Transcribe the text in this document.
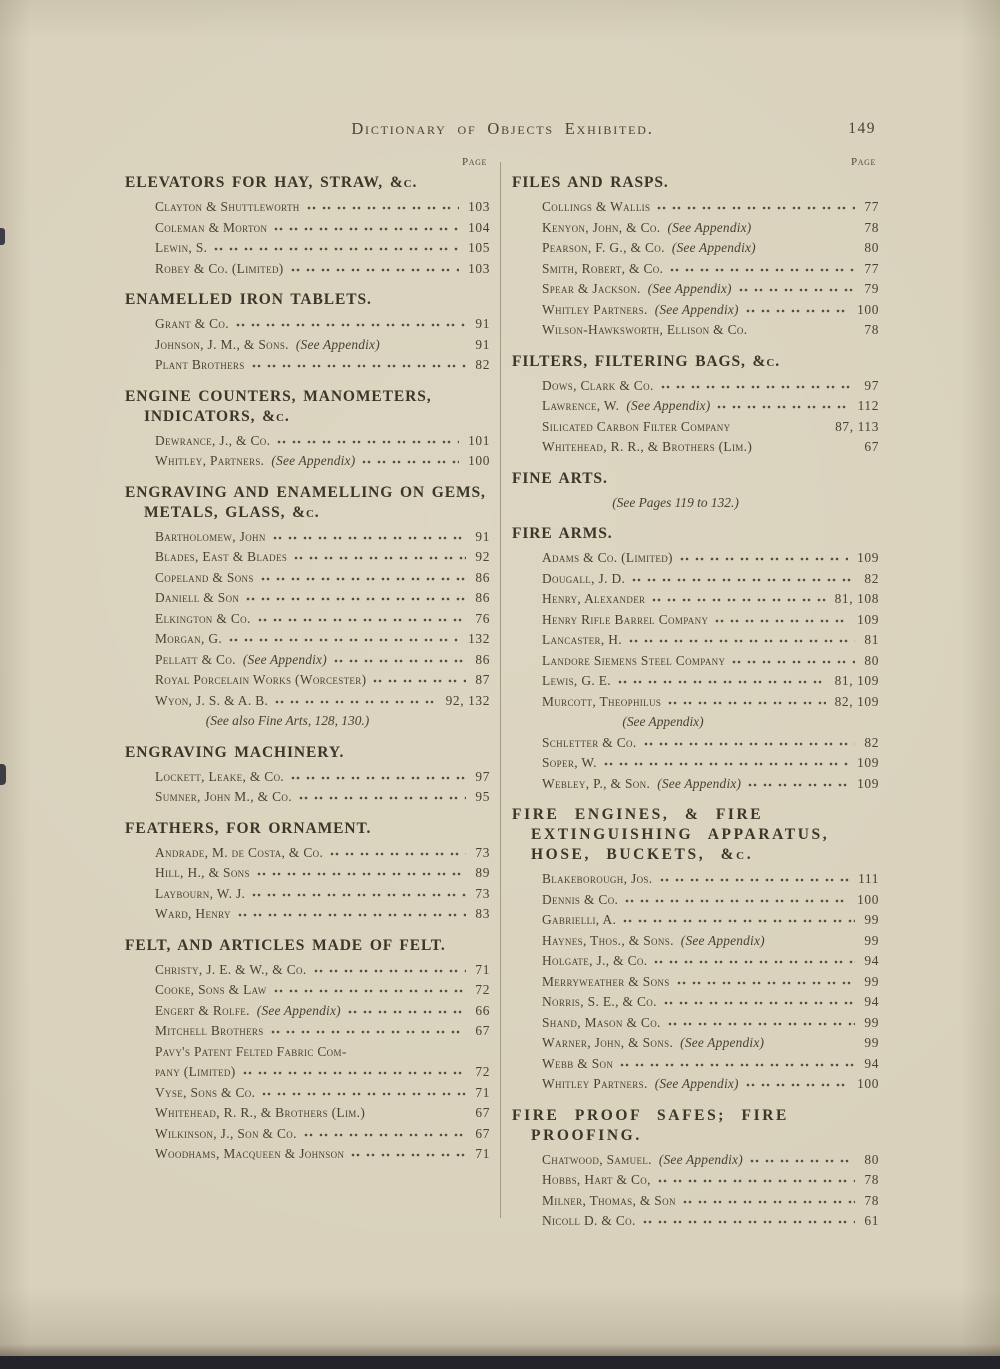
Dictionary of Objects Exhibited.	149
Page
ELEVATORS FOR HAY, STRAW, &c.
Clayton & Shuttleworth	103
Coleman & Morton	104
Lewin, S.	105
Robey & Co. (Limited)	103
ENAMELLED IRON TABLETS.
Grant & Co.	91
Johnson, J. M., & Sons. (See Appendix)	91
Plant Brothers	82
ENGINE COUNTERS, MANOMETERS, INDICATORS, &c.
Dewrance, J., & Co.	101
Whitley, Partners. (See Appendix)	100
ENGRAVING AND ENAMELLING ON GEMS, METALS, GLASS, &c.
Bartholomew, John	91
Blades, East & Blades	92
Copeland & Sons	86
Daniell & Son	86
Elkington & Co.	76
Morgan, G.	132
Pellatt & Co. (See Appendix)	86
Royal Porcelain Works (Worcester)	87
Wyon, J. S. & A. B.	92, 132
(See also Fine Arts, 128, 130.)
ENGRAVING MACHINERY.
Lockett, Leake, & Co.	97
Sumner, John M., & Co.	95
FEATHERS, FOR ORNAMENT.
Andrade, M. de Costa, & Co.	73
Hill, H., & Sons	89
Laybourn, W. J.	73
Ward, Henry	83
FELT, AND ARTICLES MADE OF FELT.
Christy, J. E. & W., & Co.	71
Cooke, Sons & Law	72
Engert & Rolfe. (See Appendix)	66
Mitchell Brothers	67
Pavy's Patent Felted Fabric Com-
pany (Limited)	72
Vyse, Sons & Co.	71
Whitehead, R. R., & Brothers (Lim.)	67
Wilkinson, J., Son & Co.	67
Woodhams, Macqueen & Johnson	71
Page
FILES AND RASPS.
Collings & Wallis	77
Kenyon, John, & Co. (See Appendix)	78
Pearson, F. G., & Co. (See Appendix)	80
Smith, Robert, & Co.	77
Spear & Jackson. (See Appendix)	79
Whitley Partners. (See Appendix)	100
Wilson-Hawksworth, Ellison & Co.	78
FILTERS, FILTERING BAGS, &c.
Dows, Clark & Co.	97
Lawrence, W. (See Appendix)	112
Silicated Carbon Filter Company	87, 113
Whitehead, R. R., & Brothers (Lim.)	67
FINE ARTS.
(See Pages 119 to 132.)
FIRE ARMS.
Adams & Co. (Limited)	109
Dougall, J. D.	82
Henry, Alexander	81, 108
Henry Rifle Barrel Company	109
Lancaster, H.	81
Landore Siemens Steel Company	80
Lewis, G. E.	81, 109
Murcott, Theophilus	82, 109
(See Appendix)
Schletter & Co.	82
Soper, W.	109
Webley, P., & Son. (See Appendix)	109
FIRE ENGINES, & FIRE EXTINGUISHING APPARATUS, HOSE, BUCKETS, &c.
Blakeborough, Jos.	111
Dennis & Co.	100
Gabrielli, A.	99
Haynes, Thos., & Sons. (See Appendix)	99
Holgate, J., & Co.	94
Merryweather & Sons	99
Norris, S. E., & Co.	94
Shand, Mason & Co.	99
Warner, John, & Sons. (See Appendix)	99
Webb & Son	94
Whitley Partners. (See Appendix)	100
FIRE PROOF SAFES; FIRE PROOFING.
Chatwood, Samuel. (See Appendix)	80
Hobbs, Hart & Co,	78
Milner, Thomas, & Son	78
Nicoll D. & Co.	61
